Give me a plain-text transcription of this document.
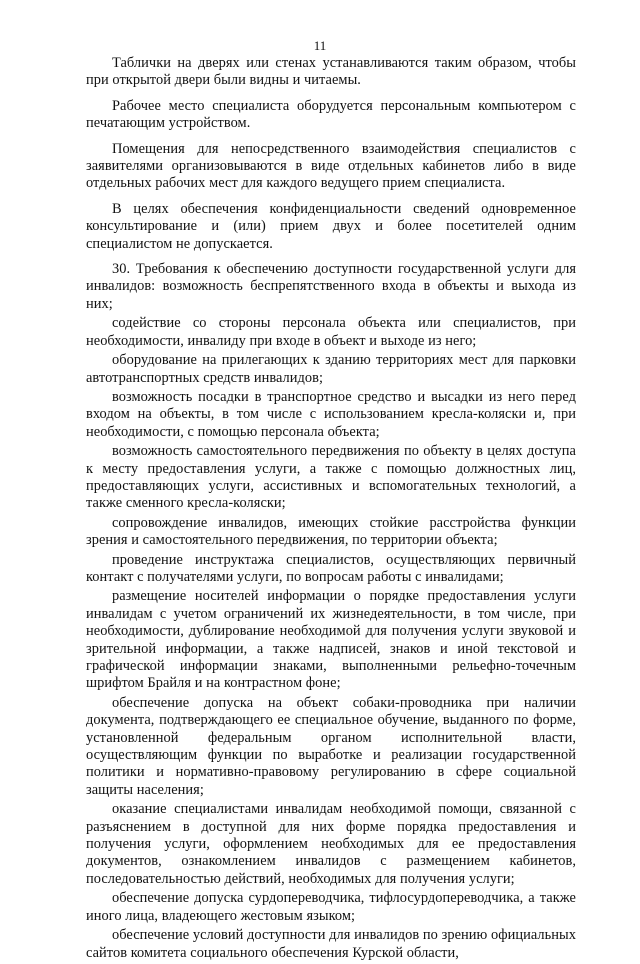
11

Таблички на дверях или стенах устанавливаются таким образом, чтобы при открытой двери были видны и читаемы.

Рабочее место специалиста оборудуется персональным компьютером с печатающим устройством.

Помещения для непосредственного взаимодействия специалистов с заявителями организовываются в виде отдельных кабинетов либо в виде отдельных рабочих мест для каждого ведущего прием специалиста.

В целях обеспечения конфиденциальности сведений одновременное консультирование и (или) прием двух и более посетителей одним специалистом не допускается.

30. Требования к обеспечению доступности государственной услуги для инвалидов: возможность беспрепятственного входа в объекты и выхода из них;

содействие со стороны персонала объекта или специалистов, при необходимости, инвалиду при входе в объект и выходе из него;

оборудование на прилегающих к зданию территориях мест для парковки автотранспортных средств инвалидов;

возможность посадки в транспортное средство и высадки из него перед входом на объекты, в том числе с использованием кресла-коляски и, при необходимости, с помощью персонала объекта;

возможность самостоятельного передвижения по объекту в целях доступа к месту предоставления услуги, а также с помощью должностных лиц, предоставляющих услуги, ассистивных и вспомогательных технологий, а также сменного кресла-коляски;

сопровождение инвалидов, имеющих стойкие расстройства функции зрения и самостоятельного передвижения, по территории объекта;

проведение инструктажа специалистов, осуществляющих первичный контакт с получателями услуги, по вопросам работы с инвалидами;

размещение носителей информации о порядке предоставления услуги инвалидам с учетом ограничений их жизнедеятельности, в том числе, при необходимости, дублирование необходимой для получения услуги звуковой и зрительной информации, а также надписей, знаков и иной текстовой и графической информации знаками, выполненными рельефно-точечным шрифтом Брайля и на контрастном фоне;

обеспечение допуска на объект собаки-проводника при наличии документа, подтверждающего ее специальное обучение, выданного по форме, установленной федеральным органом исполнительной власти, осуществляющим функции по выработке и реализации государственной политики и нормативно-правовому регулированию в сфере социальной защиты населения;

оказание специалистами инвалидам необходимой помощи, связанной с разъяснением в доступной для них форме порядка предоставления и получения услуги, оформлением необходимых для ее предоставления документов, ознакомлением инвалидов с размещением кабинетов, последовательностью действий, необходимых для получения услуги;

обеспечение допуска сурдопереводчика, тифлосурдопереводчика, а также иного лица, владеющего жестовым языком;

обеспечение условий доступности для инвалидов по зрению официальных сайтов комитета социального обеспечения Курской области,
